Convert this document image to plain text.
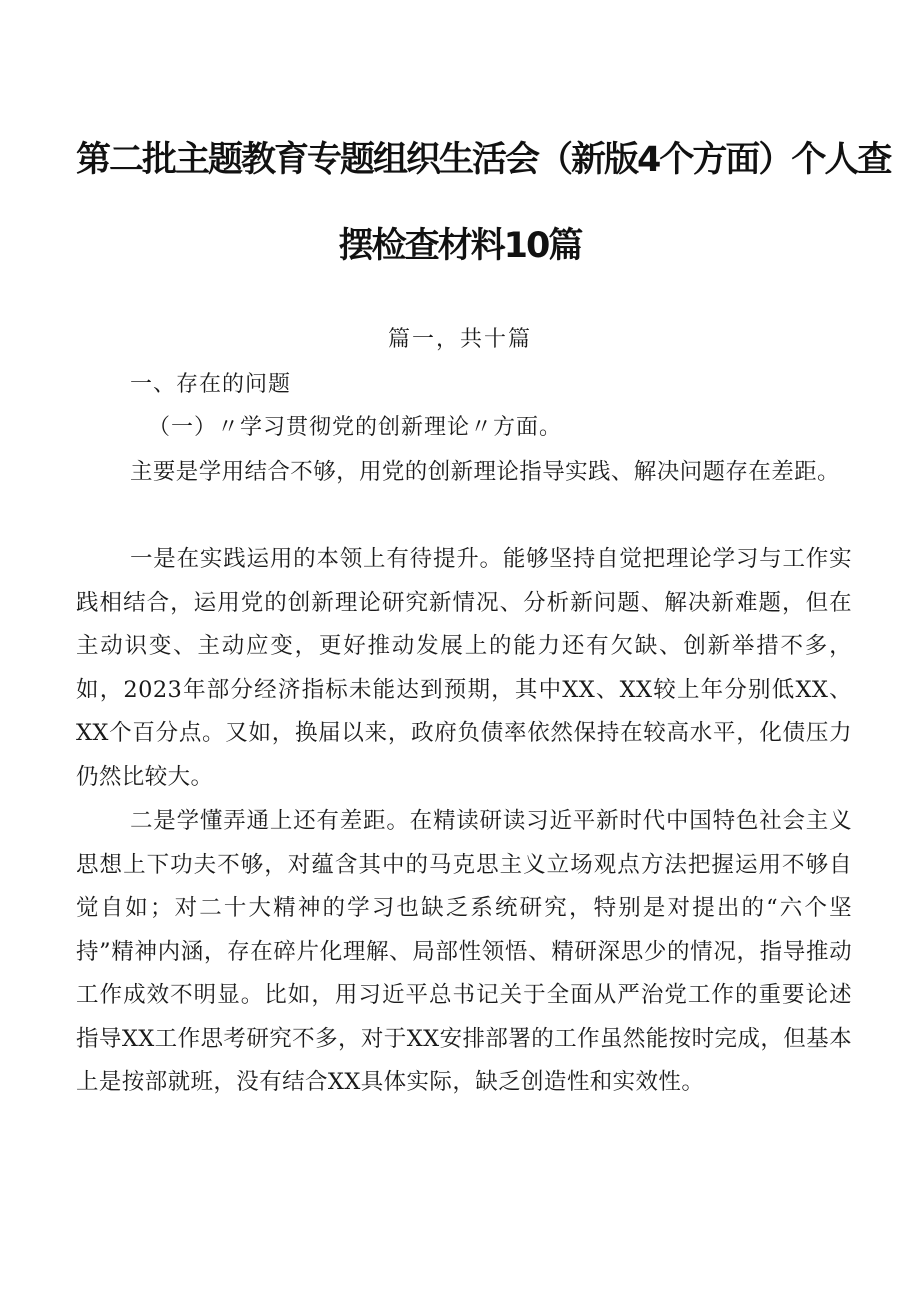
第二批主题教育专题组织生活会（新版4个方面）个人查
摆检查材料10篇
篇一，共十篇
一、存在的问题
（一）〃学习贯彻党的创新理论〃方面。

主要是学用结合不够，用党的创新理论指导实践、解决问题存在差距。

一是在实践运用的本领上有待提升。能够坚持自觉把理论学习与工作实践相结合，运用党的创新理论研究新情况、分析新问题、解决新难题，但在主动识变、主动应变，更好推动发展上的能力还有欠缺、创新举措不多，如，2023年部分经济指标未能达到预期，其中XX、XX较上年分别低XX、XX个百分点。又如，换届以来，政府负债率依然保持在较高水平，化债压力仍然比较大。

二是学懂弄通上还有差距。在精读研读习近平新时代中国特色社会主义思想上下功夫不够，对蕴含其中的马克思主义立场观点方法把握运用不够自觉自如；对二十大精神的学习也缺乏系统研究，特别是对提出的“六个坚持”精神内涵，存在碎片化理解、局部性领悟、精研深思少的情况，指导推动工作成效不明显。比如，用习近平总书记关于全面从严治党工作的重要论述指导XX工作思考研究不多，对于XX安排部署的工作虽然能按时完成，但基本上是按部就班，没有结合XX具体实际，缺乏创造性和实效性。
